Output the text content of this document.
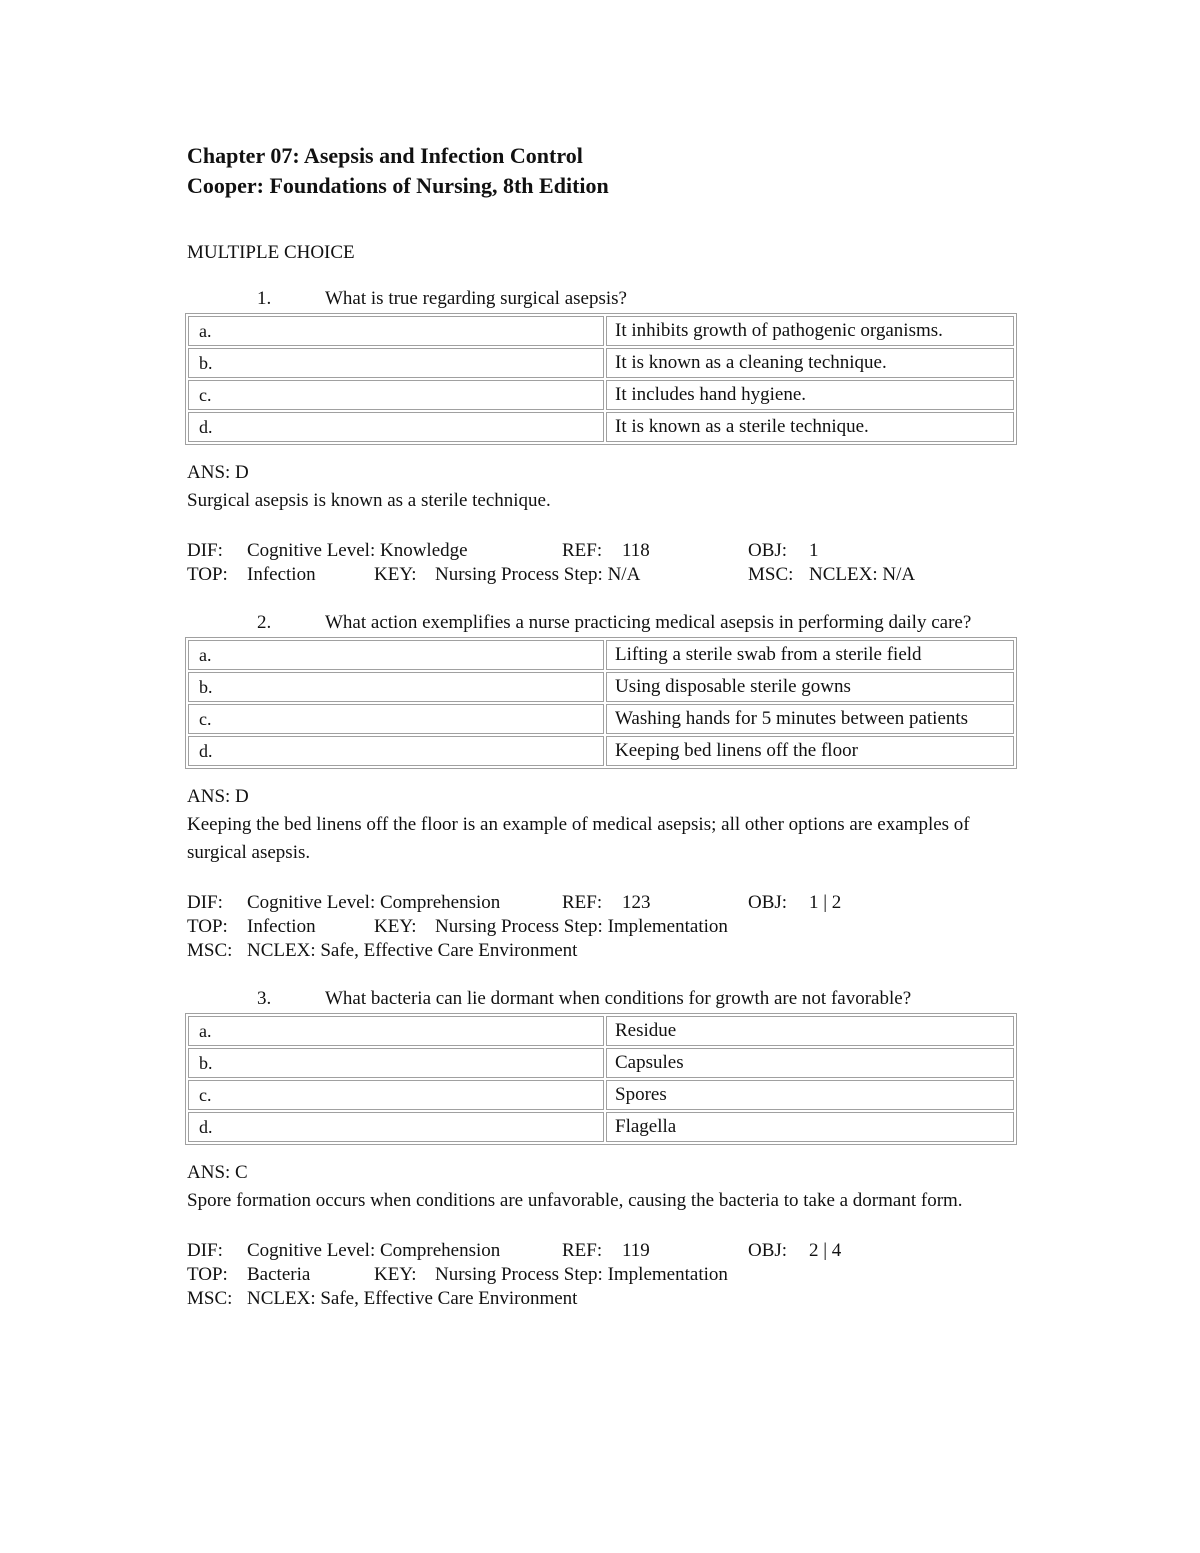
Chapter 07: Asepsis and Infection Control

Cooper: Foundations of Nursing, 8th Edition

MULTIPLE CHOICE
1.	What is true regarding surgical asepsis?
a.	It inhibits growth of pathogenic organisms.
b.	It is known as a cleaning technique.
c.	It includes hand hygiene.
d.	It is known as a sterile technique.
ANS: D
Surgical asepsis is known as a sterile technique.
DIF: Cognitive Level: Knowledge	REF: 118	OBJ: 1
TOP: Infection	KEY: Nursing Process Step: N/A	MSC: NCLEX: N/A
2.	What action exemplifies a nurse practicing medical asepsis in performing daily care?
a.	Lifting a sterile swab from a sterile field
b.	Using disposable sterile gowns
c.	Washing hands for 5 minutes between patients
d.	Keeping bed linens off the floor
ANS: D
Keeping the bed linens off the floor is an example of medical asepsis; all other options are examples of surgical asepsis.
DIF: Cognitive Level: Comprehension	REF: 123	OBJ: 1 | 2
TOP: Infection	KEY: Nursing Process Step: Implementation
MSC: NCLEX: Safe, Effective Care Environment
3.	What bacteria can lie dormant when conditions for growth are not favorable?
a.	Residue
b.	Capsules
c.	Spores
d.	Flagella
ANS: C
Spore formation occurs when conditions are unfavorable, causing the bacteria to take a dormant form.
DIF: Cognitive Level: Comprehension	REF: 119	OBJ: 2 | 4
TOP: Bacteria	KEY: Nursing Process Step: Implementation
MSC: NCLEX: Safe, Effective Care Environment
